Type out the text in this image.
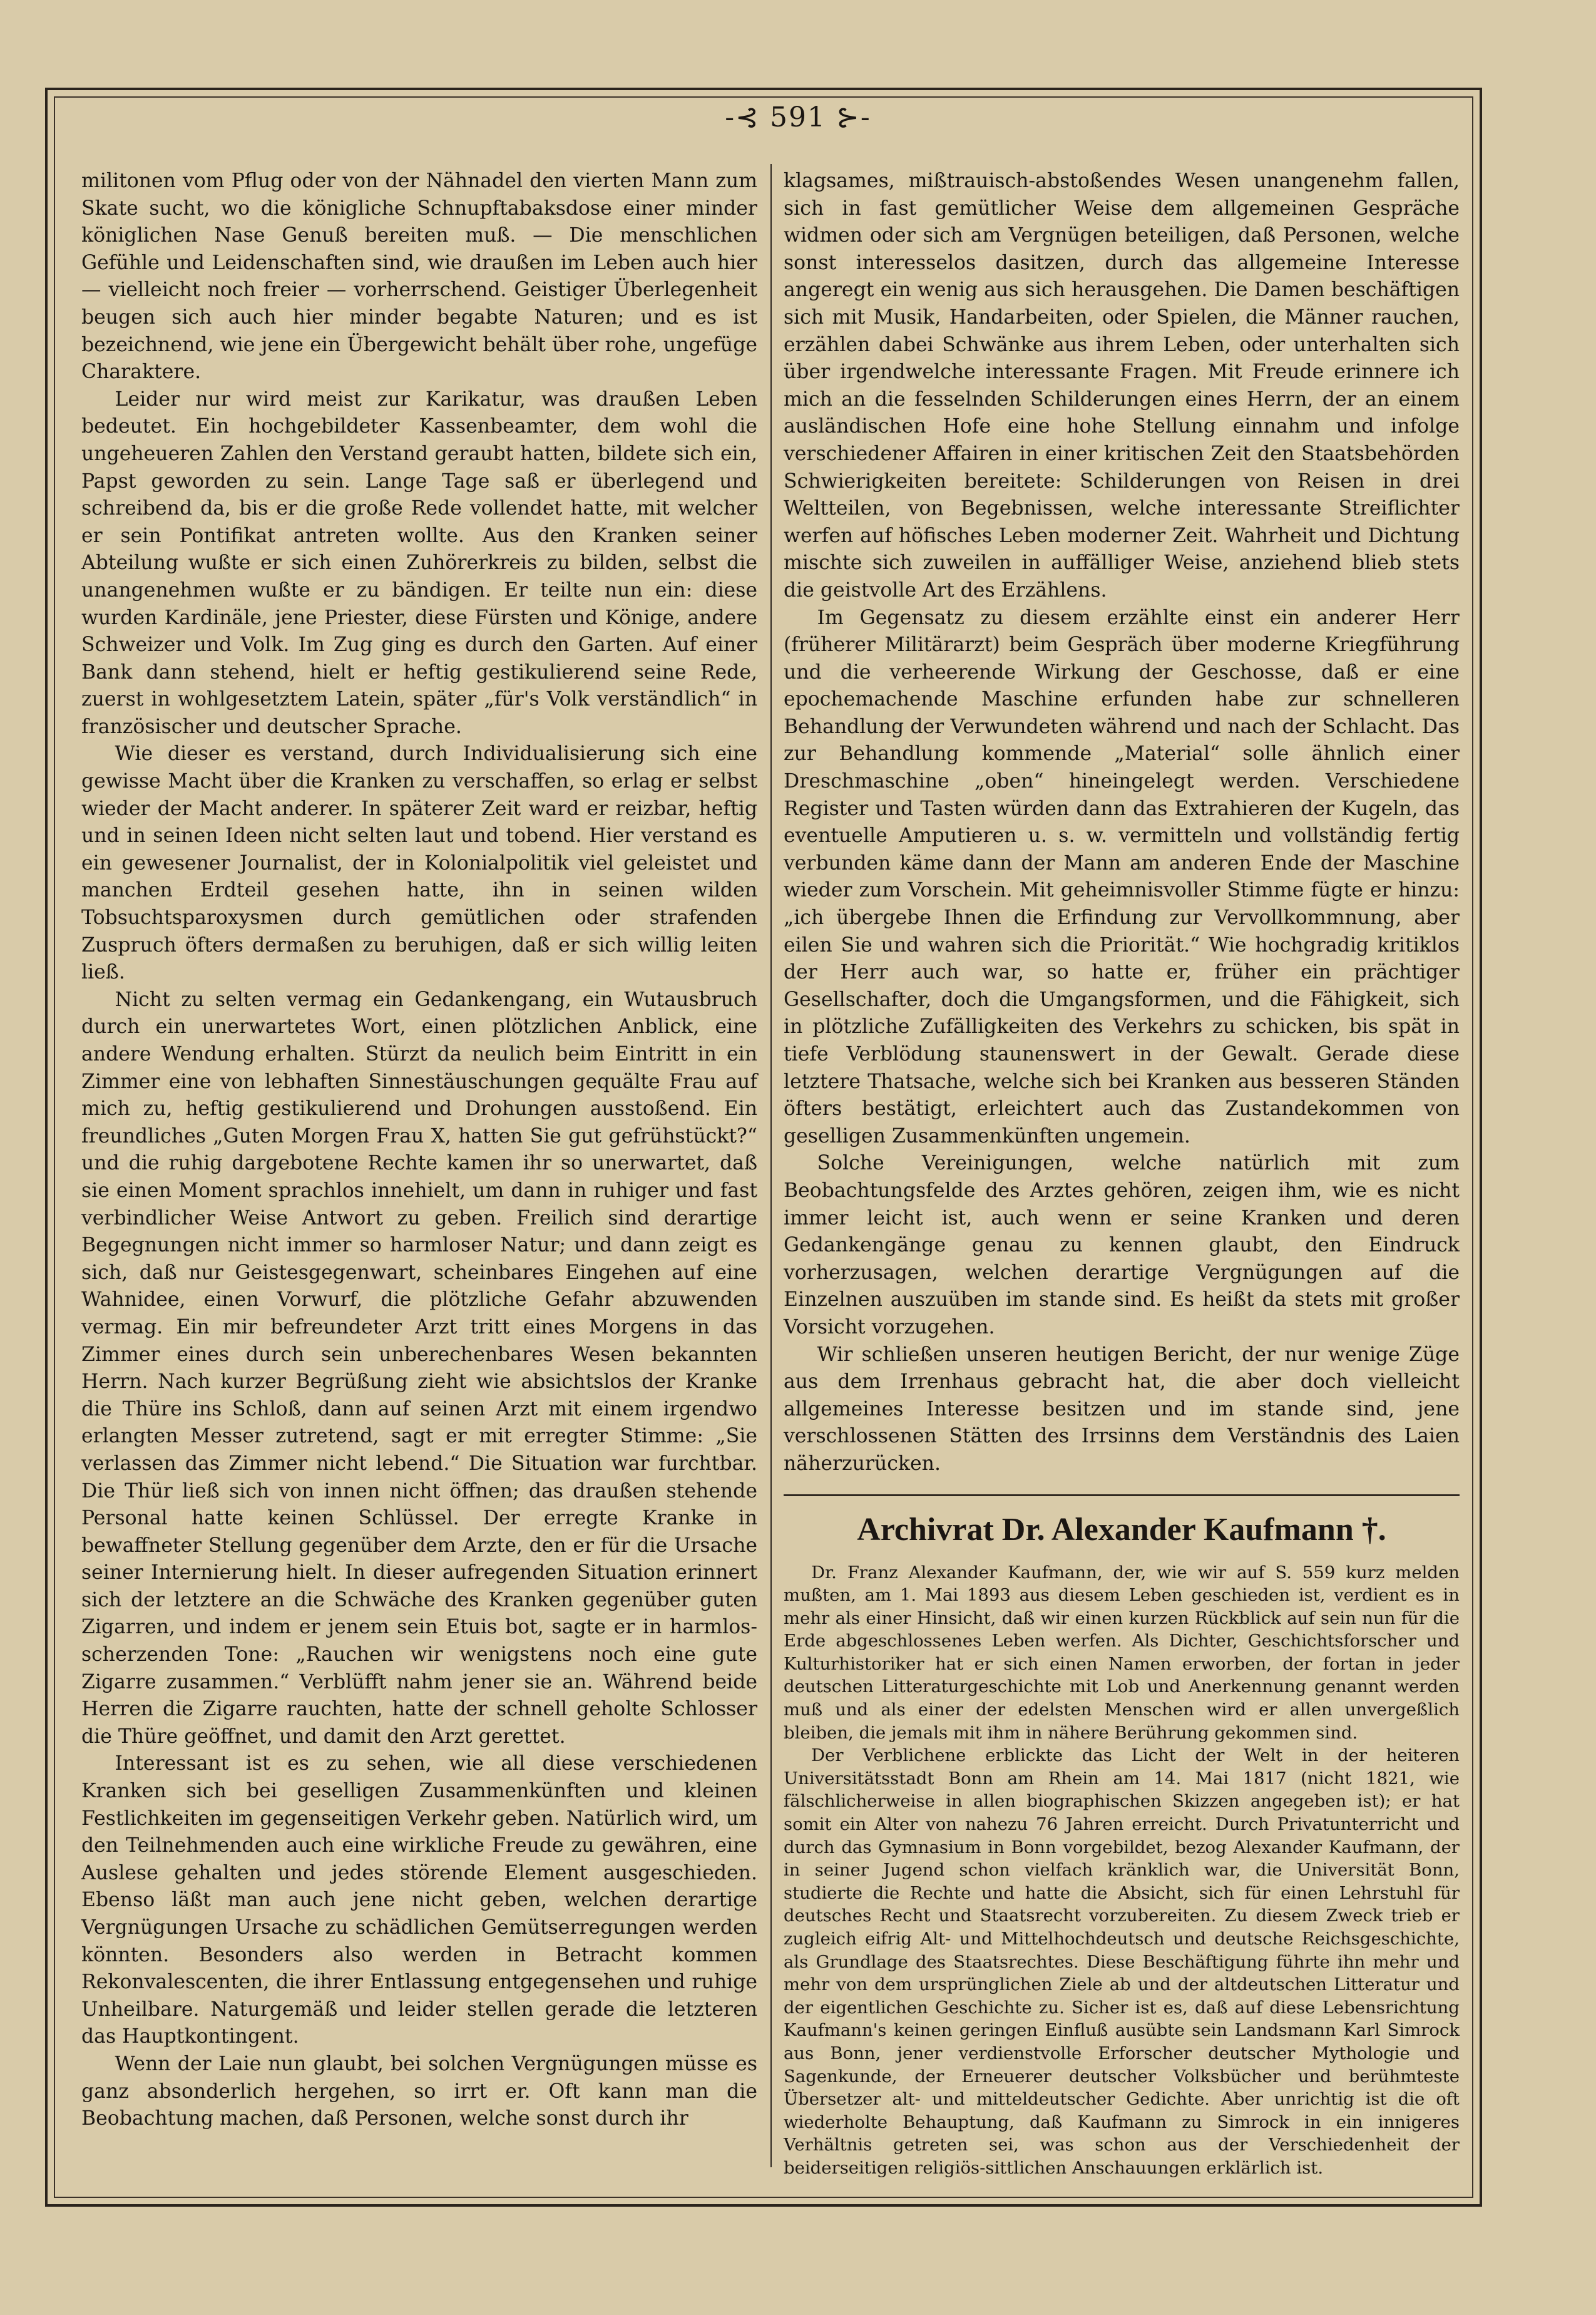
-⊰ 591 ⊱-

militonen vom Pflug oder von der Nähnadel den vierten Mann zum Skate sucht, wo die königliche Schnupftabaksdose einer minder königlichen Nase Genuß bereiten muß. — Die menschlichen Gefühle und Leidenschaften sind, wie draußen im Leben auch hier — vielleicht noch freier — vorherrschend. Geistiger Überlegenheit beugen sich auch hier minder begabte Naturen; und es ist bezeichnend, wie jene ein Übergewicht behält über rohe, ungefüge Charaktere.

Leider nur wird meist zur Karikatur, was draußen Leben bedeutet. Ein hochgebildeter Kassenbeamter, dem wohl die ungeheueren Zahlen den Verstand geraubt hatten, bildete sich ein, Papst geworden zu sein. Lange Tage saß er überlegend und schreibend da, bis er die große Rede vollendet hatte, mit welcher er sein Pontifikat antreten wollte. Aus den Kranken seiner Abteilung wußte er sich einen Zuhörerkreis zu bilden, selbst die unangenehmen wußte er zu bändigen. Er teilte nun ein: diese wurden Kardinäle, jene Priester, diese Fürsten und Könige, andere Schweizer und Volk. Im Zug ging es durch den Garten. Auf einer Bank dann stehend, hielt er heftig gestikulierend seine Rede, zuerst in wohlgesetztem Latein, später „für's Volk verständlich“ in französischer und deutscher Sprache.

Wie dieser es verstand, durch Individualisierung sich eine gewisse Macht über die Kranken zu verschaffen, so erlag er selbst wieder der Macht anderer. In späterer Zeit ward er reizbar, heftig und in seinen Ideen nicht selten laut und tobend. Hier verstand es ein gewesener Journalist, der in Kolonialpolitik viel geleistet und manchen Erdteil gesehen hatte, ihn in seinen wilden Tobsuchtsparoxysmen durch gemütlichen oder strafenden Zuspruch öfters dermaßen zu beruhigen, daß er sich willig leiten ließ.

Nicht zu selten vermag ein Gedankengang, ein Wutausbruch durch ein unerwartetes Wort, einen plötzlichen Anblick, eine andere Wendung erhalten. Stürzt da neulich beim Eintritt in ein Zimmer eine von lebhaften Sinnestäuschungen gequälte Frau auf mich zu, heftig gestikulierend und Drohungen ausstoßend. Ein freundliches „Guten Morgen Frau X, hatten Sie gut gefrühstückt?“ und die ruhig dargebotene Rechte kamen ihr so unerwartet, daß sie einen Moment sprachlos innehielt, um dann in ruhiger und fast verbindlicher Weise Antwort zu geben. Freilich sind derartige Begegnungen nicht immer so harmloser Natur; und dann zeigt es sich, daß nur Geistesgegenwart, scheinbares Eingehen auf eine Wahnidee, einen Vorwurf, die plötzliche Gefahr abzuwenden vermag. Ein mir befreundeter Arzt tritt eines Morgens in das Zimmer eines durch sein unberechenbares Wesen bekannten Herrn. Nach kurzer Begrüßung zieht wie absichtslos der Kranke die Thüre ins Schloß, dann auf seinen Arzt mit einem irgendwo erlangten Messer zutretend, sagt er mit erregter Stimme: „Sie verlassen das Zimmer nicht lebend.“ Die Situation war furchtbar. Die Thür ließ sich von innen nicht öffnen; das draußen stehende Personal hatte keinen Schlüssel. Der erregte Kranke in bewaffneter Stellung gegenüber dem Arzte, den er für die Ursache seiner Internierung hielt. In dieser aufregenden Situation erinnert sich der letztere an die Schwäche des Kranken gegenüber guten Zigarren, und indem er jenem sein Etuis bot, sagte er in harmlos-scherzenden Tone: „Rauchen wir wenigstens noch eine gute Zigarre zusammen.“ Verblüfft nahm jener sie an. Während beide Herren die Zigarre rauchten, hatte der schnell geholte Schlosser die Thüre geöffnet, und damit den Arzt gerettet.

Interessant ist es zu sehen, wie all diese verschiedenen Kranken sich bei geselligen Zusammenkünften und kleinen Festlichkeiten im gegenseitigen Verkehr geben. Natürlich wird, um den Teilnehmenden auch eine wirkliche Freude zu gewähren, eine Auslese gehalten und jedes störende Element ausgeschieden. Ebenso läßt man auch jene nicht geben, welchen derartige Vergnügungen Ursache zu schädlichen Gemütserregungen werden könnten. Besonders also werden in Betracht kommen Rekonvalescenten, die ihrer Entlassung entgegensehen und ruhige Unheilbare. Naturgemäß und leider stellen gerade die letzteren das Hauptkontingent.

Wenn der Laie nun glaubt, bei solchen Vergnügungen müsse es ganz absonderlich hergehen, so irrt er. Oft kann man die Beobachtung machen, daß Personen, welche sonst durch ihr

klagsames, mißtrauisch-abstoßendes Wesen unangenehm fallen, sich in fast gemütlicher Weise dem allgemeinen Gespräche widmen oder sich am Vergnügen beteiligen, daß Personen, welche sonst interesselos dasitzen, durch das allgemeine Interesse angeregt ein wenig aus sich herausgehen. Die Damen beschäftigen sich mit Musik, Handarbeiten, oder Spielen, die Männer rauchen, erzählen dabei Schwänke aus ihrem Leben, oder unterhalten sich über irgendwelche interessante Fragen. Mit Freude erinnere ich mich an die fesselnden Schilderungen eines Herrn, der an einem ausländischen Hofe eine hohe Stellung einnahm und infolge verschiedener Affairen in einer kritischen Zeit den Staatsbehörden Schwierigkeiten bereitete: Schilderungen von Reisen in drei Weltteilen, von Begebnissen, welche interessante Streiflichter werfen auf höfisches Leben moderner Zeit. Wahrheit und Dichtung mischte sich zuweilen in auffälliger Weise, anziehend blieb stets die geistvolle Art des Erzählens.

Im Gegensatz zu diesem erzählte einst ein anderer Herr (früherer Militärarzt) beim Gespräch über moderne Kriegführung und die verheerende Wirkung der Geschosse, daß er eine epochemachende Maschine erfunden habe zur schnelleren Behandlung der Verwundeten während und nach der Schlacht. Das zur Behandlung kommende „Material“ solle ähnlich einer Dreschmaschine „oben“ hineingelegt werden. Verschiedene Register und Tasten würden dann das Extrahieren der Kugeln, das eventuelle Amputieren u. s. w. vermitteln und vollständig fertig verbunden käme dann der Mann am anderen Ende der Maschine wieder zum Vorschein. Mit geheimnisvoller Stimme fügte er hinzu: „ich übergebe Ihnen die Erfindung zur Vervollkommnung, aber eilen Sie und wahren sich die Priorität.“ Wie hochgradig kritiklos der Herr auch war, so hatte er, früher ein prächtiger Gesellschafter, doch die Umgangsformen, und die Fähigkeit, sich in plötzliche Zufälligkeiten des Verkehrs zu schicken, bis spät in tiefe Verblödung staunenswert in der Gewalt. Gerade diese letztere Thatsache, welche sich bei Kranken aus besseren Ständen öfters bestätigt, erleichtert auch das Zustandekommen von geselligen Zusammenkünften ungemein.

Solche Vereinigungen, welche natürlich mit zum Beobachtungsfelde des Arztes gehören, zeigen ihm, wie es nicht immer leicht ist, auch wenn er seine Kranken und deren Gedankengänge genau zu kennen glaubt, den Eindruck vorherzusagen, welchen derartige Vergnügungen auf die Einzelnen auszuüben im stande sind. Es heißt da stets mit großer Vorsicht vorzugehen.

Wir schließen unseren heutigen Bericht, der nur wenige Züge aus dem Irrenhaus gebracht hat, die aber doch vielleicht allgemeines Interesse besitzen und im stande sind, jene verschlossenen Stätten des Irrsinns dem Verständnis des Laien näherzurücken.

Archivrat Dr. Alexander Kaufmann †.

Dr. Franz Alexander Kaufmann, der, wie wir auf S. 559 kurz melden mußten, am 1. Mai 1893 aus diesem Leben geschieden ist, verdient es in mehr als einer Hinsicht, daß wir einen kurzen Rückblick auf sein nun für die Erde abgeschlossenes Leben werfen. Als Dichter, Geschichtsforscher und Kulturhistoriker hat er sich einen Namen erworben, der fortan in jeder deutschen Litteraturgeschichte mit Lob und Anerkennung genannt werden muß und als einer der edelsten Menschen wird er allen unvergeßlich bleiben, die jemals mit ihm in nähere Berührung gekommen sind.

Der Verblichene erblickte das Licht der Welt in der heiteren Universitätsstadt Bonn am Rhein am 14. Mai 1817 (nicht 1821, wie fälschlicherweise in allen biographischen Skizzen angegeben ist); er hat somit ein Alter von nahezu 76 Jahren erreicht. Durch Privatunterricht und durch das Gymnasium in Bonn vorgebildet, bezog Alexander Kaufmann, der in seiner Jugend schon vielfach kränklich war, die Universität Bonn, studierte die Rechte und hatte die Absicht, sich für einen Lehrstuhl für deutsches Recht und Staatsrecht vorzubereiten. Zu diesem Zweck trieb er zugleich eifrig Alt- und Mittelhochdeutsch und deutsche Reichsgeschichte, als Grundlage des Staatsrechtes. Diese Beschäftigung führte ihn mehr und mehr von dem ursprünglichen Ziele ab und der altdeutschen Litteratur und der eigentlichen Geschichte zu. Sicher ist es, daß auf diese Lebensrichtung Kaufmann's keinen geringen Einfluß ausübte sein Landsmann Karl Simrock aus Bonn, jener verdienstvolle Erforscher deutscher Mythologie und Sagenkunde, der Erneuerer deutscher Volksbücher und berühmteste Übersetzer alt- und mitteldeutscher Gedichte. Aber unrichtig ist die oft wiederholte Behauptung, daß Kaufmann zu Simrock in ein innigeres Verhältnis getreten sei, was schon aus der Verschiedenheit der beiderseitigen religiös-sittlichen Anschauungen erklärlich ist.
